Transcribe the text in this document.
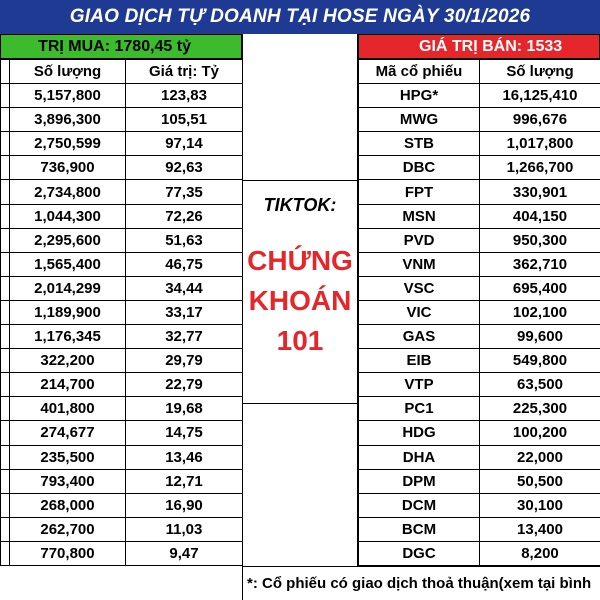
GIAO DỊCH TỰ DOANH TẠI HOSE NGÀY 30/1/2026
TRỊ MUA: 1780,45 tỷ
	Số lượng	Giá trị: Tỷ
	5,157,800	123,83
	3,896,300	105,51
	2,750,599	97,14
	736,900	92,63
	2,734,800	77,35
	1,044,300	72,26
	2,295,600	51,63
	1,565,400	46,75
	2,014,299	34,44
	1,189,900	33,17
	1,176,345	32,77
	322,200	29,79
	214,700	22,79
	401,800	19,68
	274,677	14,75
	235,500	13,46
	793,400	12,71
	268,000	16,90
	262,700	11,03
	770,800	9,47
TIKTOK:
CHỨNG
KHOÁN
101
GIÁ TRỊ BÁN: 1533
Mã cổ phiếu	Số lượng
HPG*	16,125,410
MWG	996,676
STB	1,017,800
DBC	1,266,700
FPT	330,901
MSN	404,150
PVD	950,300
VNM	362,710
VSC	695,400
VIC	102,100
GAS	99,600
EIB	549,800
VTP	63,500
PC1	225,300
HDG	100,200
DHA	22,000
DPM	50,500
DCM	30,100
BCM	13,400
DGC	8,200
*: Cổ phiếu có giao dịch thoả thuận(xem tại bình
